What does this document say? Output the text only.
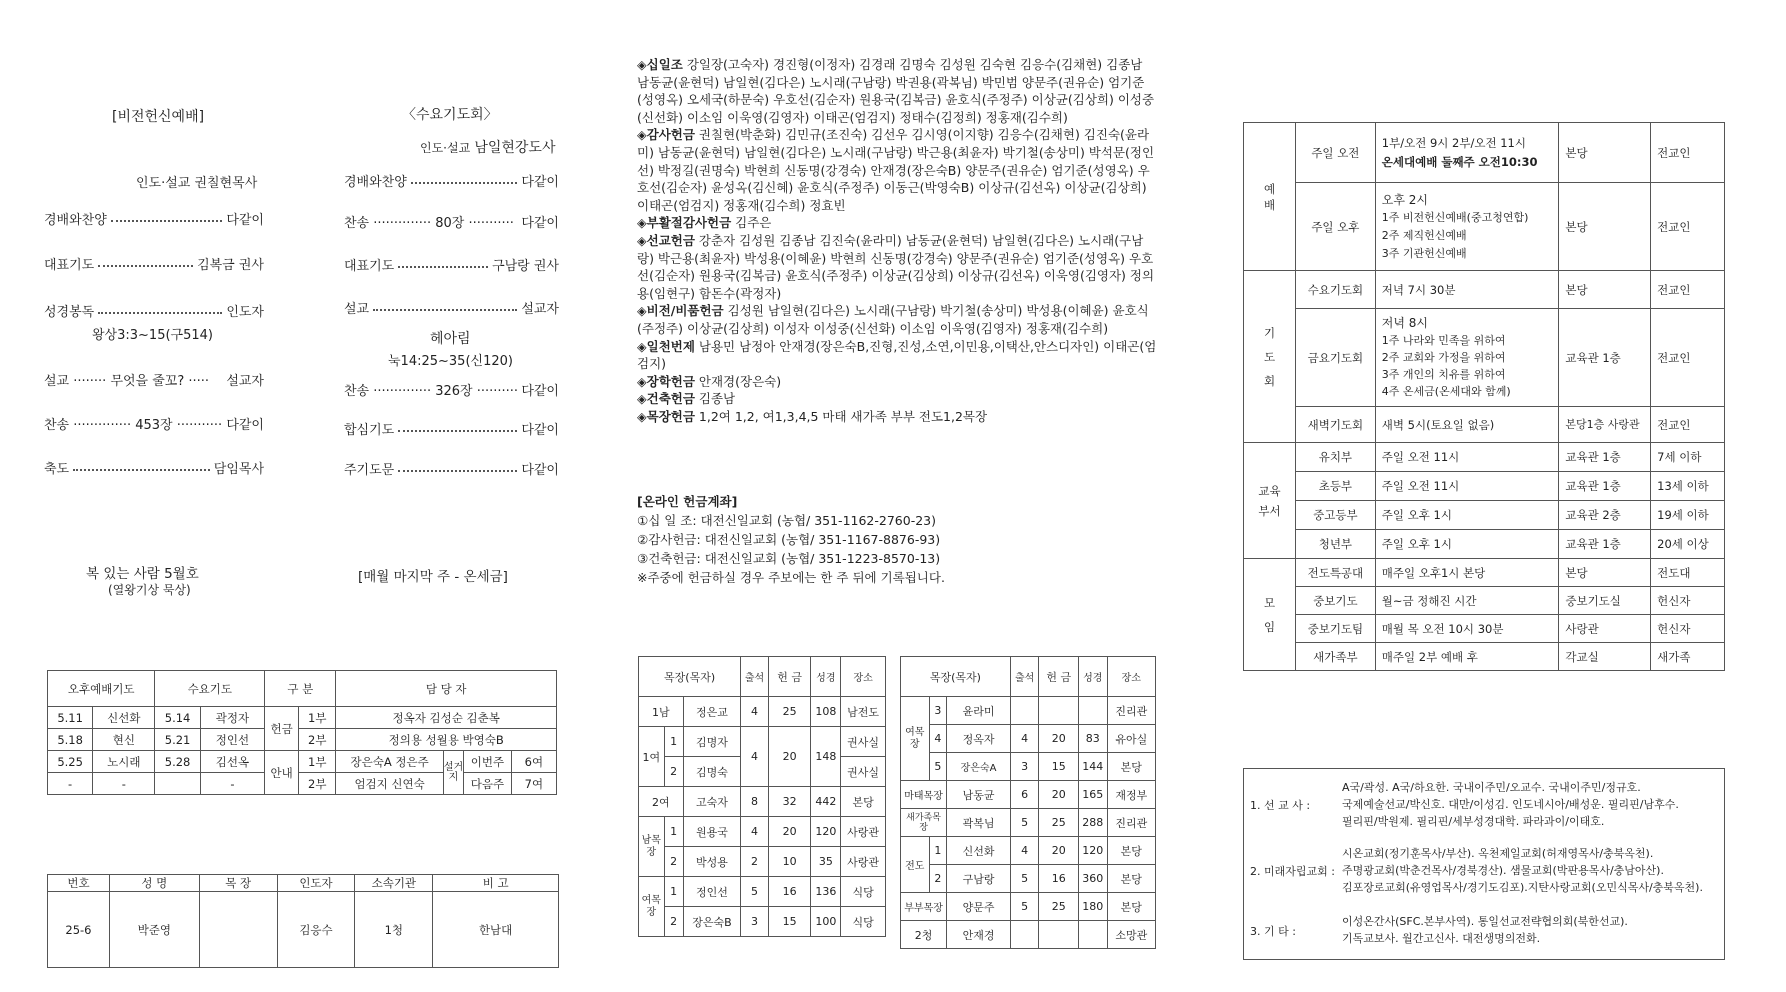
[비전헌신예배]
인도·설교 권칠현목사
경배와찬양	다같이
대표기도	김복금 권사
성경봉독	인도자
왕상3:3~15(구514)
설교 ········ 무엇을 줄꼬? ····· 설교자
찬송 ·············· 453장 ··········· 다같이
축도	담임목사
〈수요기도회〉
인도·설교 남일현강도사
경배와찬양	다같이
찬송 ·············· 80장 ··········· 다같이
대표기도	구남랑 권사
설교	설교자
헤아림
눅14:25~35(신120)
찬송 ·············· 326장 ·········· 다같이
합심기도	다같이
주기도문	다같이
복 있는 사람 5월호
(열왕기상 묵상)
[매월 마지막 주 - 온세금]
오후예배기도		수요기도		구 분		담 당 자			
5.11	신선화	5.14	곽정자	헌금	1부	정옥자 김성순 김춘복			
5.18	현신	5.21	정인선		2부	정의용 성월용 박영숙B			
5.25	노시래	5.28	김선옥	안내	1부	장은숙A 정은주	설거지	이번주	6여
-	-		-		2부	엄검지 신연숙		다음주	7여
번호	성 명	목 장	인도자	소속기관	비 고
25-6	박준영		김응수	1청	한남대

◈십일조 강일장(고숙자) 경진형(이정자) 김경래 김명숙 김성원 김숙현 김응수(김채현) 김종남 남동균(윤현덕) 남일현(김다은) 노시래(구남랑) 박권용(곽복님) 박민범 양문주(권유순) 엄기준(성영옥) 오세국(하문숙) 우호선(김순자) 원용국(김복금) 윤호식(주정주) 이상균(김상희) 이성중(신선화) 이소임 이욱영(김영자) 이태곤(엄검지) 정태수(김정희) 정홍재(김수희)

◈감사헌금 권칠현(박춘화) 김민규(조진숙) 김선우 김시영(이지향) 김응수(김채현) 김진숙(윤라미) 남동균(윤현덕) 남일현(김다은) 노시래(구남랑) 박근용(최윤자) 박기철(송상미) 박석문(정인선) 박정길(권명숙) 박현희 신동명(강경숙) 안재경(장은숙B) 양문주(권유순) 엄기준(성영옥) 우호선(김순자) 윤성옥(김신혜) 윤호식(주정주) 이동근(박영숙B) 이상규(김선옥) 이상균(김상희) 이태곤(엄검지) 정홍재(김수희) 정효빈

◈부활절감사헌금 김주은

◈선교헌금 강춘자 김성원 김종남 김진숙(윤라미) 남동균(윤현덕) 남일현(김다은) 노시래(구남랑) 박근용(최윤자) 박성용(이혜윤) 박현희 신동명(강경숙) 양문주(권유순) 엄기준(성영옥) 우호선(김순자) 원용국(김복금) 윤호식(주정주) 이상균(김상희) 이상규(김선옥) 이욱영(김영자) 정의용(임현구) 함돈수(곽정자)

◈비전/비품헌금 김성원 남일현(김다은) 노시래(구남랑) 박기철(송상미) 박성용(이혜윤) 윤호식(주정주) 이상균(김상희) 이성자 이성중(신선화) 이소임 이욱영(김영자) 정홍재(김수희)

◈일천번제 남용민 남정아 안재경(장은숙B,진형,진성,소연,이민용,이택산,안스디자인) 이태곤(엄검지)

◈장학헌금 안재경(장은숙)

◈건축헌금 김종남

◈목장헌금 1,2여 1,2, 여1,3,4,5 마태 새가족 부부 전도1,2목장

[온라인 헌금계좌]

①십 일 조: 대전신일교회 (농협/ 351-1162-2760-23)

②감사헌금: 대전신일교회 (농협/ 351-1167-8876-93)

③건축헌금: 대전신일교회 (농협/ 351-1223-8570-13)

※주중에 헌금하실 경우 주보에는 한 주 뒤에 기록됩니다.

목장(목자)			출석	헌 금	성경	장소
1남		정은교	4	25	108	남전도
1여	1	김명자	4	20	148	권사실
	2	김명숙				권사실
2여		고숙자	8	32	442	본당
남목장	1	원용국	4	20	120	사랑관
	2	박성용	2	10	35	사랑관
여목장	1	정인선	5	16	136	식당
	2	장은숙B	3	15	100	식당
목장(목자)			출석	헌 금	성경	장소
여목장	3	윤라미				진리관
	4	정옥자	4	20	83	유아실
	5	장은숙A	3	15	144	본당
마태목장		남동균	6	20	165	재정부
새가족목장		곽복님	5	25	288	진리관
전도	1	신선화	4	20	120	본당
	2	구남랑	5	16	360	본당
부부목장		양문주	5	25	180	본당
2청		안재경				소망관
예배	주일 오전	1부/오전 9시 2부/오전 11시
온세대예배 둘째주 오전10:30	본당	전교인
	주일 오후	오후 2시
1주 비전헌신예배(중고청연합)
2주 제직헌신예배
3주 기관헌신예배	본당	전교인
기도회	수요기도회	저녁 7시 30분	본당	전교인
	금요기도회	저녁 8시
1주 나라와 민족을 위하여
2주 교회와 가정을 위하여
3주 개인의 치유를 위하여
4주 온세금(온세대와 함께)	교육관 1층	전교인
	새벽기도회	새벽 5시(토요일 없음)	본당1층 사랑관	전교인
교육부서	유치부	주일 오전 11시	교육관 1층	7세 이하
	초등부	주일 오전 11시	교육관 1층	13세 이하
	중고등부	주일 오후 1시	교육관 2층	19세 이하
	청년부	주일 오후 1시	교육관 1층	20세 이상
모임	전도특공대	매주일 오후1시 본당	본당	전도대
	중보기도	월~금 정해진 시간	중보기도실	헌신자
	중보기도팀	매월 목 오전 10시 30분	사랑관	헌신자
	새가족부	매주일 2부 예배 후	각교실	새가족
1. 선 교 사 :
A국/곽성. A국/하요한. 국내이주민/오교수. 국내이주민/정규호.
국제예술선교/박신호. 대만/이성김. 인도네시아/배성운. 필리핀/남후수.
필리핀/박원제. 필리핀/세부성경대학. 파라과이/이태호.
2. 미래자립교회 :
시온교회(정기훈목사/부산). 옥천제일교회(허재영목사/충북옥천).
주명광교회(박춘건목사/경북경산). 샘물교회(박판용목사/충남아산).
김포장로교회(유영업목사/경기도김포).지탄사랑교회(오민식목사/충북옥천).
3. 기 타 :
이성온간사(SFC.본부사역). 통일선교전략협의회(북한선교).
기독교보사. 월간고신사. 대전생명의전화.
